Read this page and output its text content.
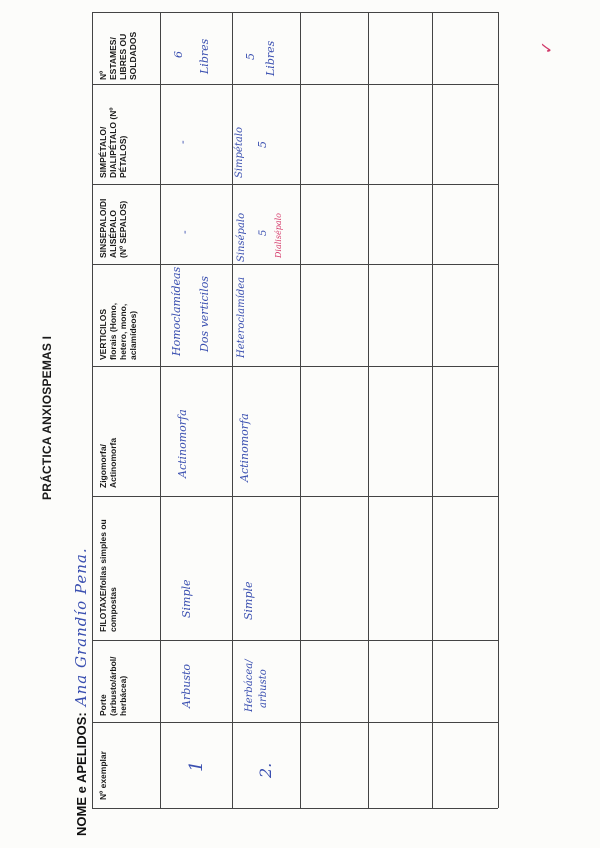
PRÁCTICA ANXIOSPEMAS I
NOME e APELIDOS:Ana Grandío Pena.
✓
Nº exemplar
Porte (arbusto/árbol/ herbácea)
FILOTAXE/follas simples ou compostas
Zigomorfa/ Actinomorfa
VERTICILOS florais (Homo, hetero, mono, aclamídeos)
SINSEPALO/DI ALISÉPALO (Nº SEPALOS)
SIMPÉTALO/ DIALIPÉTALO (Nº PÉTALOS)
Nº ESTAMES/ LIBRES OU SOLDADOS
1
Arbusto
Simple
Actinomorfa
Homoclamídeas Dos verticilos
-
-
6 Libres
2.
Herbácea/ arbusto
Simple
Actinomorfa
Heteroclamídea
Sinsépalo 5 Dialisépalo
Simpétalo 5
5 Libres
